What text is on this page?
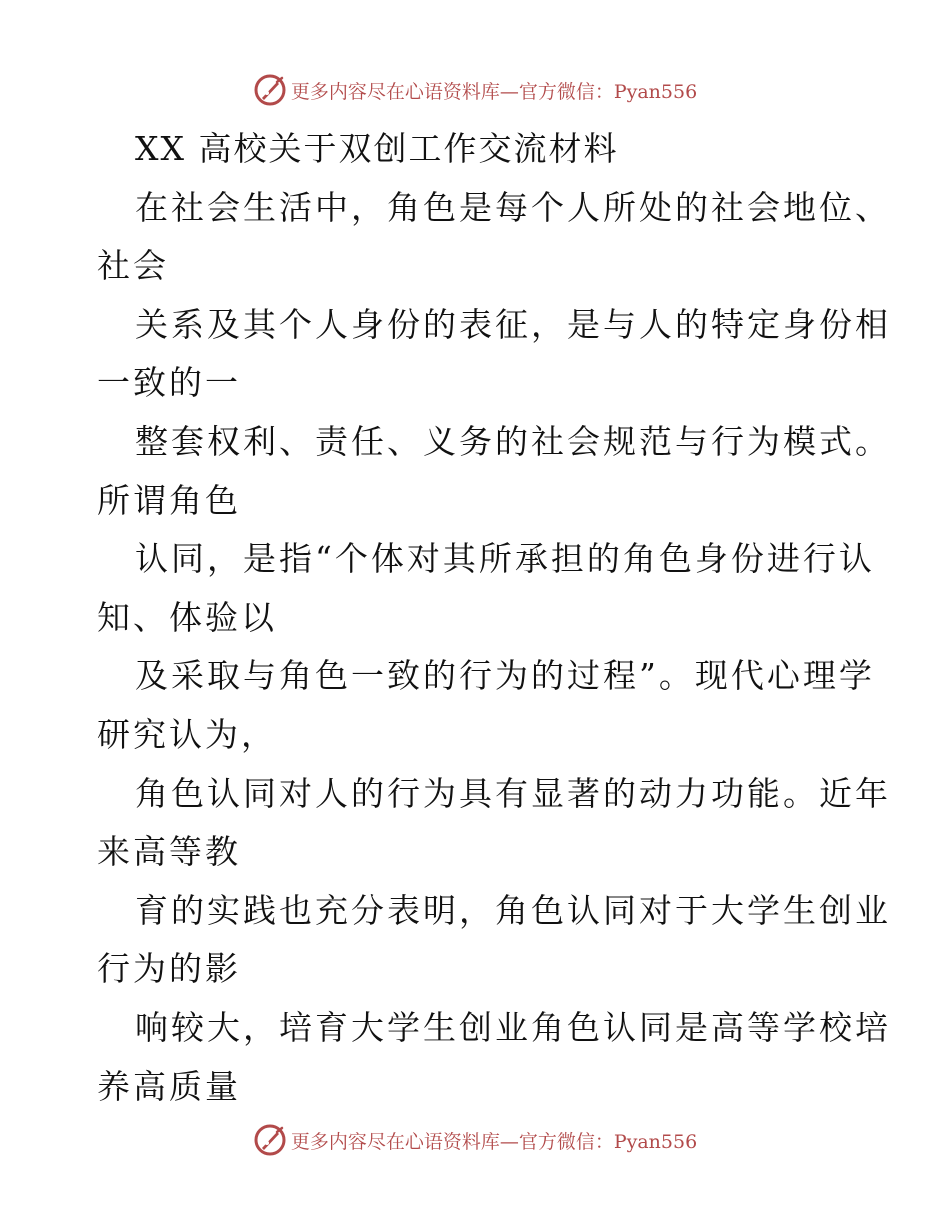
更多内容尽在心语资料库—官方微信：Pyan556
XX 高校关于双创工作交流材料
在社会生活中，角色是每个人所处的社会地位、
社会
关系及其个人身份的表征，是与人的特定身份相
一致的一
整套权利、责任、义务的社会规范与行为模式。
所谓角色
认同，是指“个体对其所承担的角色身份进行认
知、体验以
及采取与角色一致的行为的过程”。现代心理学
研究认为，
角色认同对人的行为具有显著的动力功能。近年
来高等教
育的实践也充分表明，角色认同对于大学生创业
行为的影
响较大，培育大学生创业角色认同是高等学校培
养高质量
更多内容尽在心语资料库—官方微信：Pyan556
